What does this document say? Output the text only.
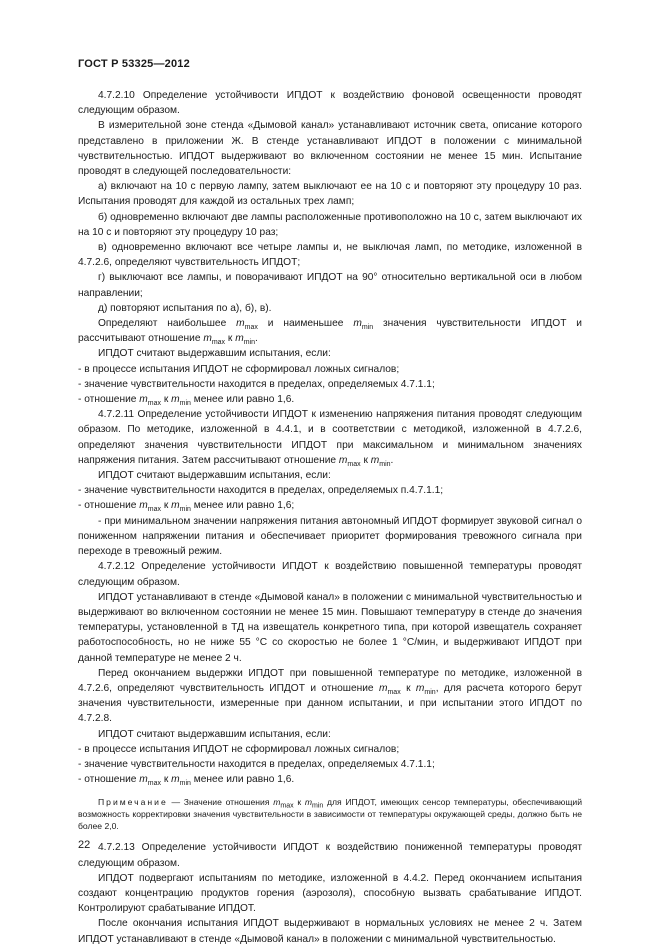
ГОСТ Р 53325—2012

4.7.2.10 Определение устойчивости ИПДОТ к воздействию фоновой освещенности проводят следующим образом.

В измерительной зоне стенда «Дымовой канал» устанавливают источник света, описание которого представлено в приложении Ж. В стенде устанавливают ИПДОТ в положении с минимальной чувствительностью. ИПДОТ выдерживают во включенном состоянии не менее 15 мин. Испытание проводят в следующей последовательности:

а) включают на 10 с первую лампу, затем выключают ее на 10 с и повторяют эту процедуру 10 раз. Испытания проводят для каждой из остальных трех ламп;

б) одновременно включают две лампы расположенные противоположно на 10 с, затем выключают их на 10 с и повторяют эту процедуру 10 раз;

в) одновременно включают все четыре лампы и, не выключая ламп, по методике, изложенной в 4.7.2.6, определяют чувствительность ИПДОТ;

г) выключают все лампы, и поворачивают ИПДОТ на 90° относительно вертикальной оси в любом направлении;

д) повторяют испытания по а), б), в).

Определяют наибольшее $m_{max}$ и наименьшее $m_{min}$ значения чувствительности ИПДОТ и рассчитывают отношение $m_{max}$ к $m_{min}$.

ИПДОТ считают выдержавшим испытания, если:

- в процессе испытания ИПДОТ не сформировал ложных сигналов;

- значение чувствительности находится в пределах, определяемых 4.7.1.1;

- отношение $m_{max}$ к $m_{min}$ менее или равно 1,6.

4.7.2.11 Определение устойчивости ИПДОТ к изменению напряжения питания проводят следующим образом. По методике, изложенной в 4.4.1, и в соответствии с методикой, изложенной в 4.7.2.6, определяют значения чувствительности ИПДОТ при максимальном и минимальном значениях напряжения питания. Затем рассчитывают отношение $m_{max}$ к $m_{min}$.

ИПДОТ считают выдержавшим испытания, если:

- значение чувствительности находится в пределах, определяемых п.4.7.1.1;

- отношение $m_{max}$ к $m_{min}$ менее или равно 1,6;

- при минимальном значении напряжения питания автономный ИПДОТ формирует звуковой сигнал о пониженном напряжении питания и обеспечивает приоритет формирования тревожного сигнала при переходе в тревожный режим.

4.7.2.12 Определение устойчивости ИПДОТ к воздействию повышенной температуры проводят следующим образом.

ИПДОТ устанавливают в стенде «Дымовой канал» в положении с минимальной чувствительностью и выдерживают во включенном состоянии не менее 15 мин. Повышают температуру в стенде до значения температуры, установленной в ТД на извещатель конкретного типа, при которой извещатель сохраняет работоспособность, но не ниже 55 °С со скоростью не более 1 °С/мин, и выдерживают ИПДОТ при данной температуре не менее 2 ч.

Перед окончанием выдержки ИПДОТ при повышенной температуре по методике, изложенной в 4.7.2.6, определяют чувствительность ИПДОТ и отношение $m_{max}$ к $m_{min}$, для расчета которого берут значения чувствительности, измеренные при данном испытании, и при испытании этого ИПДОТ по 4.7.2.8.

ИПДОТ считают выдержавшим испытания, если:

- в процессе испытания ИПДОТ не сформировал ложных сигналов;

- значение чувствительности находится в пределах, определяемых 4.7.1.1;

- отношение $m_{max}$ к $m_{min}$ менее или равно 1,6.

Примечание — Значение отношения $m_{max}$ к $m_{min}$ для ИПДОТ, имеющих сенсор температуры, обеспечивающий возможность корректировки значения чувствительности в зависимости от температуры окружающей среды, должно быть не более 2,0.

4.7.2.13 Определение устойчивости ИПДОТ к воздействию пониженной температуры проводят следующим образом.

ИПДОТ подвергают испытаниям по методике, изложенной в 4.4.2. Перед окончанием испытания создают концентрацию продуктов горения (аэрозоля), способную вызвать срабатывание ИПДОТ. Контролируют срабатывание ИПДОТ.

После окончания испытания ИПДОТ выдерживают в нормальных условиях не менее 2 ч. Затем ИПДОТ устанавливают в стенде «Дымовой канал» в положении с минимальной чувствительностью.

22
